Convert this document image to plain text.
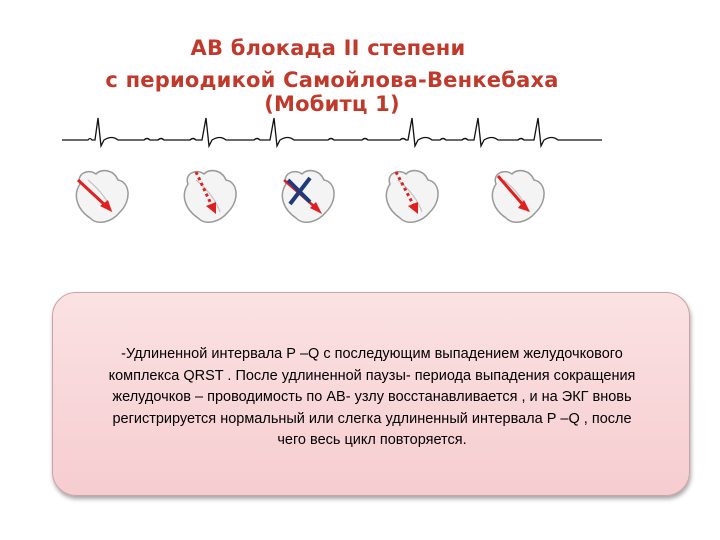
АВ блокада II степени
с периодикой Самойлова-Венкебаха (Мобитц 1)
-Удлиненной интервала Р –Q с последующим выпадением желудочкового
комплекса QRST . После удлиненной паузы- периода выпадения сокращения
желудочков – проводимость по АВ- узлу восстанавливается , и на ЭКГ вновь
регистрируется нормальный или слегка удлиненный интервала Р –Q , после
чего весь цикл повторяется.
